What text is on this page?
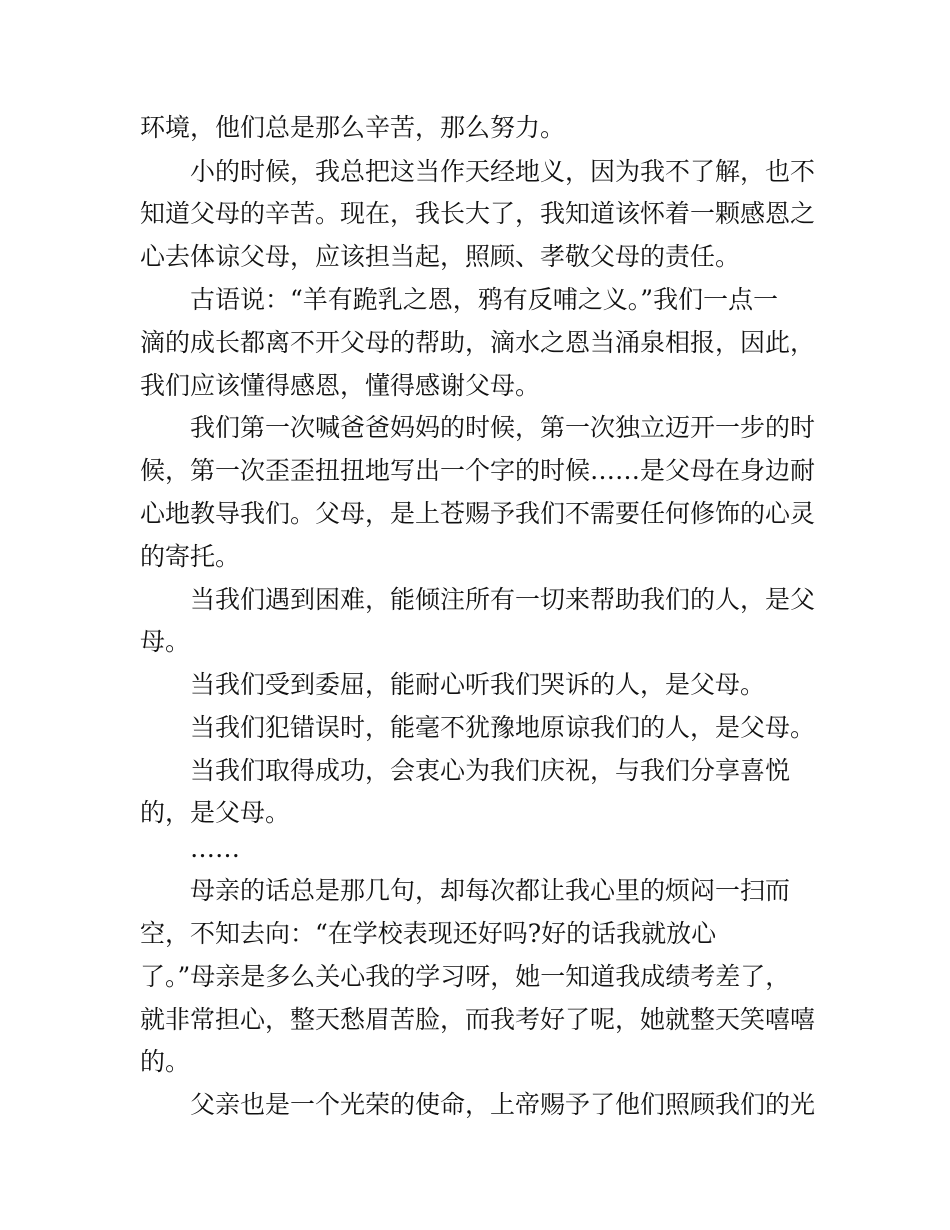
环境，他们总是那么辛苦，那么努力。

小的时候，我总把这当作天经地义，因为我不了解，也不

知道父母的辛苦。现在，我长大了，我知道该怀着一颗感恩之

心去体谅父母，应该担当起，照顾、孝敬父母的责任。

古语说：“羊有跪乳之恩，鸦有反哺之义。”我们一点一

滴的成长都离不开父母的帮助，滴水之恩当涌泉相报，因此，

我们应该懂得感恩，懂得感谢父母。

我们第一次喊爸爸妈妈的时候，第一次独立迈开一步的时

候，第一次歪歪扭扭地写出一个字的时候……是父母在身边耐

心地教导我们。父母，是上苍赐予我们不需要任何修饰的心灵

的寄托。

当我们遇到困难，能倾注所有一切来帮助我们的人，是父

母。

当我们受到委屈，能耐心听我们哭诉的人，是父母。

当我们犯错误时，能毫不犹豫地原谅我们的人，是父母。

当我们取得成功，会衷心为我们庆祝，与我们分享喜悦

的，是父母。

……

母亲的话总是那几句，却每次都让我心里的烦闷一扫而

空，不知去向：“在学校表现还好吗?好的话我就放心

了。”母亲是多么关心我的学习呀，她一知道我成绩考差了，

就非常担心，整天愁眉苦脸，而我考好了呢，她就整天笑嘻嘻

的。

父亲也是一个光荣的使命，上帝赐予了他们照顾我们的光
